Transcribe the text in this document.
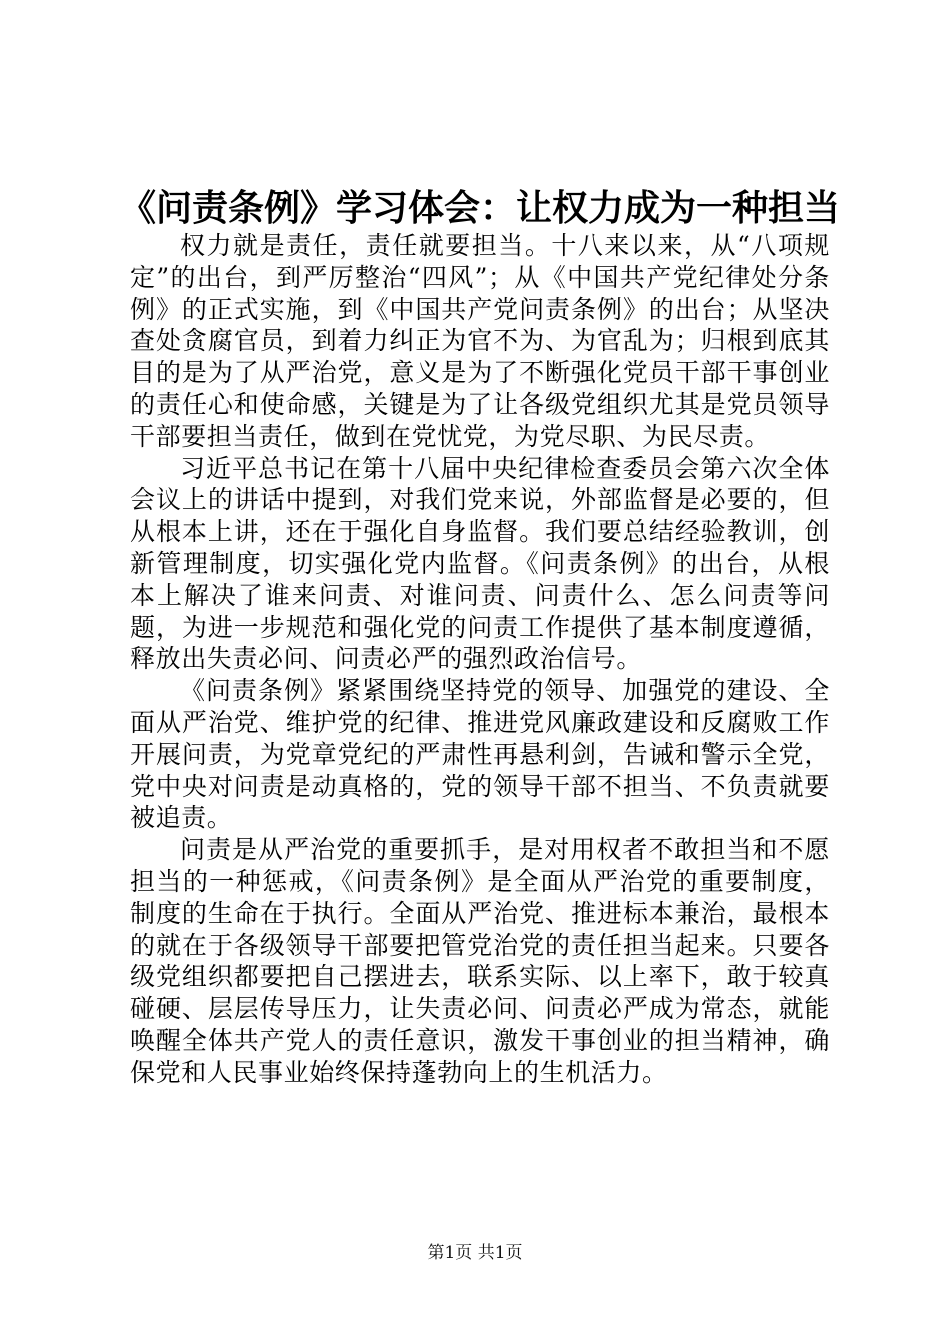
《问责条例》学习体会：让权力成为一种担当

权力就是责任，责任就要担当。十八来以来，从“八项规定”的出台，到严厉整治“四风”；从《中国共产党纪律处分条例》的正式实施，到《中国共产党问责条例》的出台；从坚决查处贪腐官员，到着力纠正为官不为、为官乱为；归根到底其目的是为了从严治党，意义是为了不断强化党员干部干事创业的责任心和使命感，关键是为了让各级党组织尤其是党员领导干部要担当责任，做到在党忧党，为党尽职、为民尽责。

习近平总书记在第十八届中央纪律检查委员会第六次全体会议上的讲话中提到，对我们党来说，外部监督是必要的，但从根本上讲，还在于强化自身监督。我们要总结经验教训，创新管理制度，切实强化党内监督。《问责条例》的出台，从根本上解决了谁来问责、对谁问责、问责什么、怎么问责等问题，为进一步规范和强化党的问责工作提供了基本制度遵循，释放出失责必问、问责必严的强烈政治信号。

《问责条例》紧紧围绕坚持党的领导、加强党的建设、全面从严治党、维护党的纪律、推进党风廉政建设和反腐败工作开展问责，为党章党纪的严肃性再悬利剑，告诫和警示全党，党中央对问责是动真格的，党的领导干部不担当、不负责就要被追责。

问责是从严治党的重要抓手，是对用权者不敢担当和不愿担当的一种惩戒，《问责条例》是全面从严治党的重要制度，制度的生命在于执行。全面从严治党、推进标本兼治，最根本的就在于各级领导干部要把管党治党的责任担当起来。只要各级党组织都要把自己摆进去，联系实际、以上率下，敢于较真碰硬、层层传导压力，让失责必问、问责必严成为常态，就能唤醒全体共产党人的责任意识，激发干事创业的担当精神，确保党和人民事业始终保持蓬勃向上的生机活力。

第1页 共1页
